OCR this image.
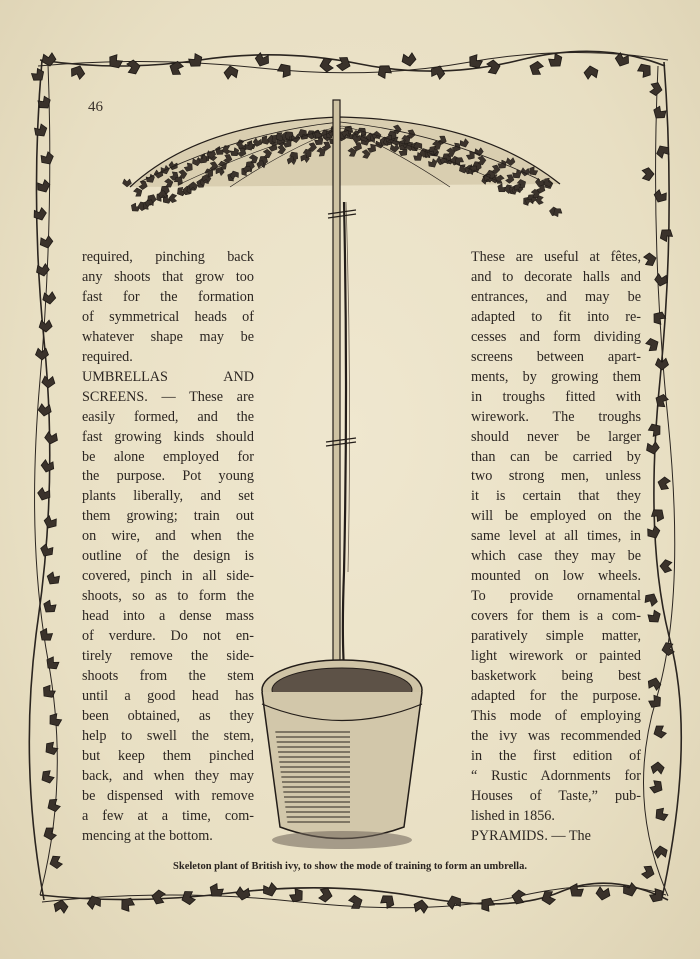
46
required, pinching back
any shoots that grow too
fast for the formation
of symmetrical heads of
whatever shape may be
required.
UMBRELLAS AND
SCREENS. — These are
easily formed, and the
fast growing kinds should
be alone employed for
the purpose. Pot young
plants liberally, and set
them growing; train out
on wire, and when the
outline of the design is
covered, pinch in all side-
shoots, so as to form the
head into a dense mass
of verdure. Do not en-
tirely remove the side-
shoots from the stem
until a good head has
been obtained, as they
help to swell the stem,
but keep them pinched
back, and when they may
be dispensed with remove
a few at a time, com-
mencing at the bottom.
These are useful at fêtes,
and to decorate halls and
entrances, and may be
adapted to fit into re-
cesses and form dividing
screens between apart-
ments, by growing them
in troughs fitted with
wirework. The troughs
should never be larger
than can be carried by
two strong men, unless
it is certain that they
will be employed on the
same level at all times, in
which case they may be
mounted on low wheels.
To provide ornamental
covers for them is a com-
paratively simple matter,
light wirework or painted
basketwork being best
adapted for the purpose.
This mode of employing
the ivy was recommended
in the first edition of
“ Rustic Adornments for
Houses of Taste,” pub-
lished in 1856.
PYRAMIDS. — The
Skeleton plant of British ivy, to show the mode of training to form an umbrella.
